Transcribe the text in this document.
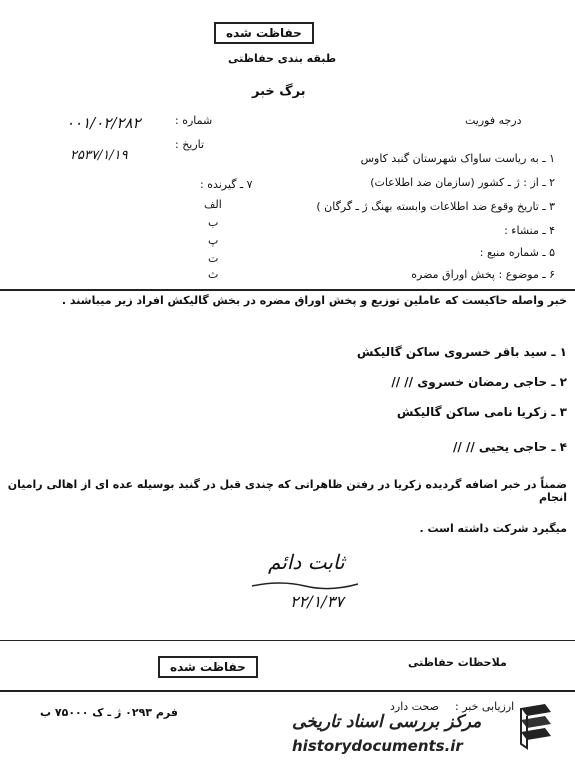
حفاظت شده
طبقه بندی حفاظتی
برگ خبر
شماره :
۰۰۱/۰۲/۲۸۲
تاریخ :
۲۵۳۷/۱/۱۹
درجه فوریت
۱ ـ به ریاست ساواک شهرستان گنبد کاوس
۲ ـ از : ژ ـ کشور (سازمان ضد اطلاعات)
۳ ـ تاریخ وقوع ضد اطلاعات وابسته بهنگ ژ ـ گرگان )
۴ ـ منشاء :
۵ ـ شماره منبع :
۶ ـ موضوع : پخش اوراق مضره
۷ ـ گیرنده :
الف
ب
پ
ت
ث
خبر واصله حاکیست که عاملین توزیع و پخش اوراق مضره در بخش گالیکش افراد زیر میباشند .
۱ ـ سید باقر خسروی ساکن گالیکش
۲ ـ حاجی رمضان خسروی // //
۳ ـ زکریا نامی ساکن گالیکش
۴ ـ حاجی یحیی // //
ضمناً در خبر اضافه گردیده زکریا در رفتن ظاهراتی که چندی قبل در گنبد بوسیله عده ای از اهالی رامیان انجام
میگیرد شرکت داشته است .
ثابت دائم
۲۲/۱/۳۷
حفاظت شده	ملاحظات حفاظتی
صحت دارد ارزیابی خبر :
فرم ۰۲۹۳ ژ ـ ک ۷۵۰۰۰ ب	مرکز بررسی اسناد تاریخی
historydocuments.ir
